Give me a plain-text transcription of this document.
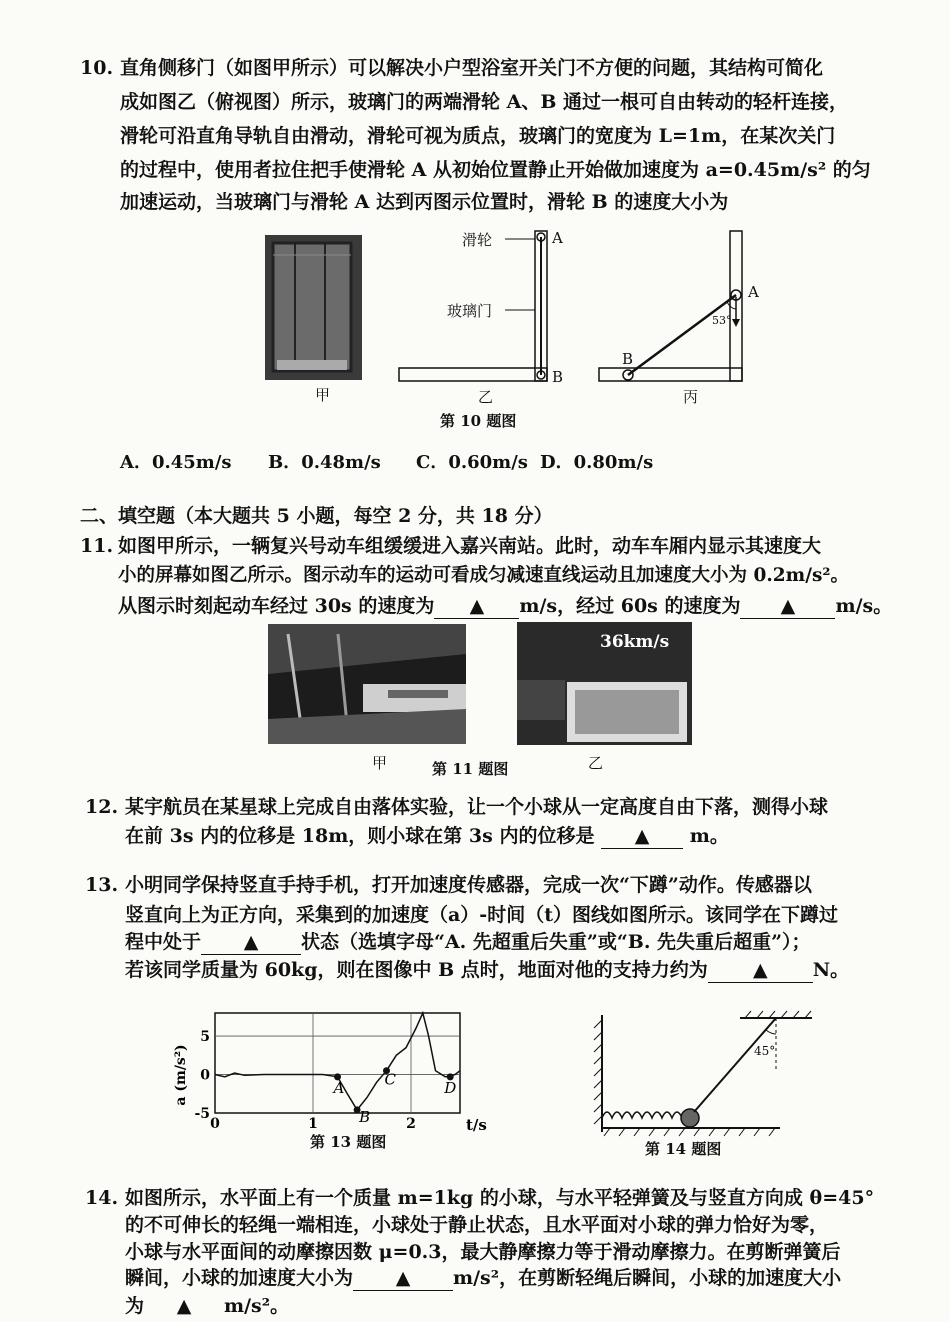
10. 直角侧移门（如图甲所示）可以解决小户型浴室开关门不方便的问题，其结构可简化
成如图乙（俯视图）所示，玻璃门的两端滑轮 A、B 通过一根可自由转动的轻杆连接，
滑轮可沿直角导轨自由滑动，滑轮可视为质点，玻璃门的宽度为 L=1m，在某次关门
的过程中，使用者拉住把手使滑轮 A 从初始位置静止开始做加速度为 a=0.45m/s² 的匀
加速运动，当玻璃门与滑轮 A 达到丙图示位置时，滑轮 B 的速度大小为
甲
滑轮	A
玻璃门
B
乙
A
53°
B
丙
第 10 题图
A．0.45m/s B．0.48m/s C．0.60m/s D．0.80m/s
二、填空题（本大题共 5 小题，每空 2 分，共 18 分）
11. 如图甲所示，一辆复兴号动车组缓缓进入嘉兴南站。此时，动车车厢内显示其速度大
小的屏幕如图乙所示。图示动车的运动可看成匀减速直线运动且加速度大小为 0.2m/s²。
从图示时刻起动车经过 30s 的速度为 ▲ m/s，经过 60s 的速度为 ▲ m/s。
36km/s
甲	第 11 题图	乙
12. 某宇航员在某星球上完成自由落体实验，让一个小球从一定高度自由下落，测得小球
在前 3s 内的位移是 18m，则小球在第 3s 内的位移是 ▲ m。
13. 小明同学保持竖直手持手机，打开加速度传感器，完成一次“下蹲”动作。传感器以
竖直向上为正方向，采集到的加速度（a）-时间（t）图线如图所示。该同学在下蹲过
程中处于 ▲ 状态（选填字母“A. 先超重后失重”或“B. 先失重后超重”）；
若该同学质量为 60kg，则在图像中 B 点时，地面对他的支持力约为 ▲ N。
A
B
C	D
a (m/s²)
t/s
5
0
-5
0	1	2
第 13 题图
45°
第 14 题图
14. 如图所示，水平面上有一个质量 m=1kg 的小球，与水平轻弹簧及与竖直方向成 θ=45°
的不可伸长的轻绳一端相连，小球处于静止状态，且水平面对小球的弹力恰好为零，
小球与水平面间的动摩擦因数 μ=0.3，最大静摩擦力等于滑动摩擦力。在剪断弹簧后
瞬间，小球的加速度大小为 ▲ m/s²，在剪断轻绳后瞬间，小球的加速度大小
为 ▲ m/s²。
